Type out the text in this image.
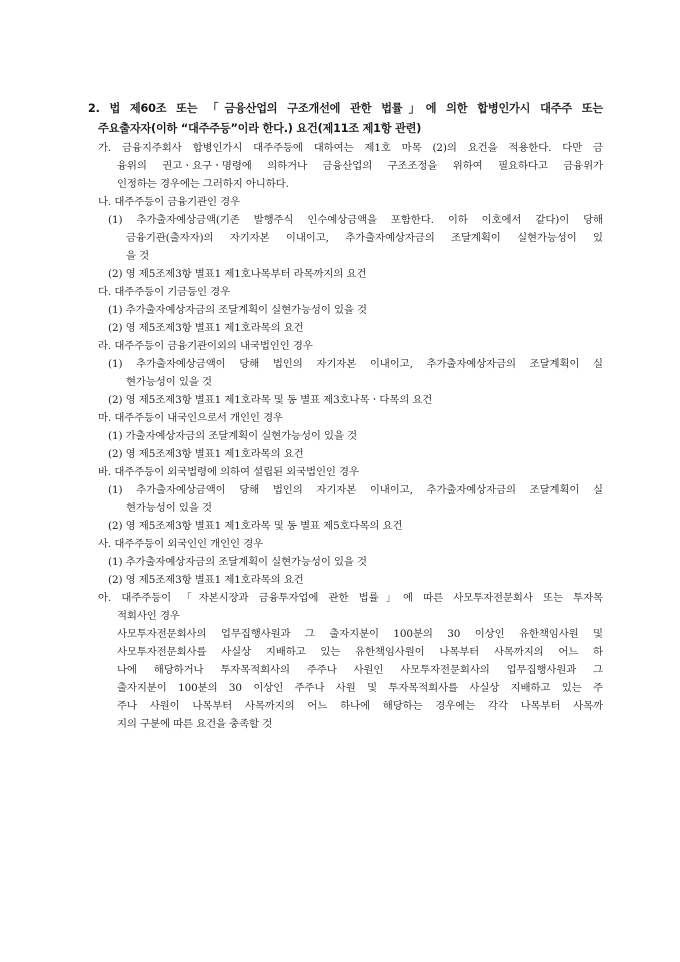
2. 법 제60조 또는 「금융산업의 구조개선에 관한 법률」에 의한 합병인가시 대주주 또는
주요출자자(이하 “대주주등”이라 한다.) 요건(제11조 제1항 관련)
가. 금융지주회사 합병인가시 대주주등에 대하여는 제1호 마목 (2)의 요건을 적용한다. 다만 금
융위의 권고ㆍ요구ㆍ명령에 의하거나 금융산업의 구조조정을 위하여 필요하다고 금융위가
인정하는 경우에는 그러하지 아니하다.
나. 대주주등이 금융기관인 경우
(1) 추가출자예상금액(기존 발행주식 인수예상금액을 포함한다. 이하 이호에서 같다)이 당해
금융기관(출자자)의 자기자본 이내이고, 추가출자예상자금의 조달계획이 실현가능성이 있
을 것
(2) 영 제5조제3항 별표1 제1호나목부터 라목까지의 요건
다. 대주주등이 기금등인 경우
(1) 추가출자예상자금의 조달계획이 실현가능성이 있을 것
(2) 영 제5조제3항 별표1 제1호라목의 요건
라. 대주주등이 금융기관이외의 내국법인인 경우
(1) 추가출자예상금액이 당해 법인의 자기자본 이내이고, 추가출자예상자금의 조달계획이 실
현가능성이 있을 것
(2) 영 제5조제3항 별표1 제1호라목 및 동 별표 제3호나목ㆍ다목의 요건
마. 대주주등이 내국인으로서 개인인 경우
(1) 가출자예상자금의 조달계획이 실현가능성이 있을 것
(2) 영 제5조제3항 별표1 제1호라목의 요건
바. 대주주등이 외국법령에 의하여 설립된 외국법인인 경우
(1) 추가출자예상금액이 당해 법인의 자기자본 이내이고, 추가출자예상자금의 조달계획이 실
현가능성이 있을 것
(2) 영 제5조제3항 별표1 제1호라목 및 동 별표 제5호다목의 요건
사. 대주주등이 외국인인 개인인 경우
(1) 추가출자예상자금의 조달계획이 실현가능성이 있을 것
(2) 영 제5조제3항 별표1 제1호라목의 요건
아. 대주주등이 「자본시장과 금융투자업에 관한 법률」에 따른 사모투자전문회사 또는 투자목
적회사인 경우
사모투자전문회사의 업무집행사원과 그 출자지분이 100분의 30 이상인 유한책임사원 및
사모투자전문회사를 사실상 지배하고 있는 유한책임사원이 나목부터 사목까지의 어느 하
나에 해당하거나 투자목적회사의 주주나 사원인 사모투자전문회사의 업무집행사원과 그
출자지분이 100분의 30 이상인 주주나 사원 및 투자목적회사를 사실상 지배하고 있는 주
주나 사원이 나목부터 사목까지의 어느 하나에 해당하는 경우에는 각각 나목부터 사목까
지의 구분에 따른 요건을 충족할 것
